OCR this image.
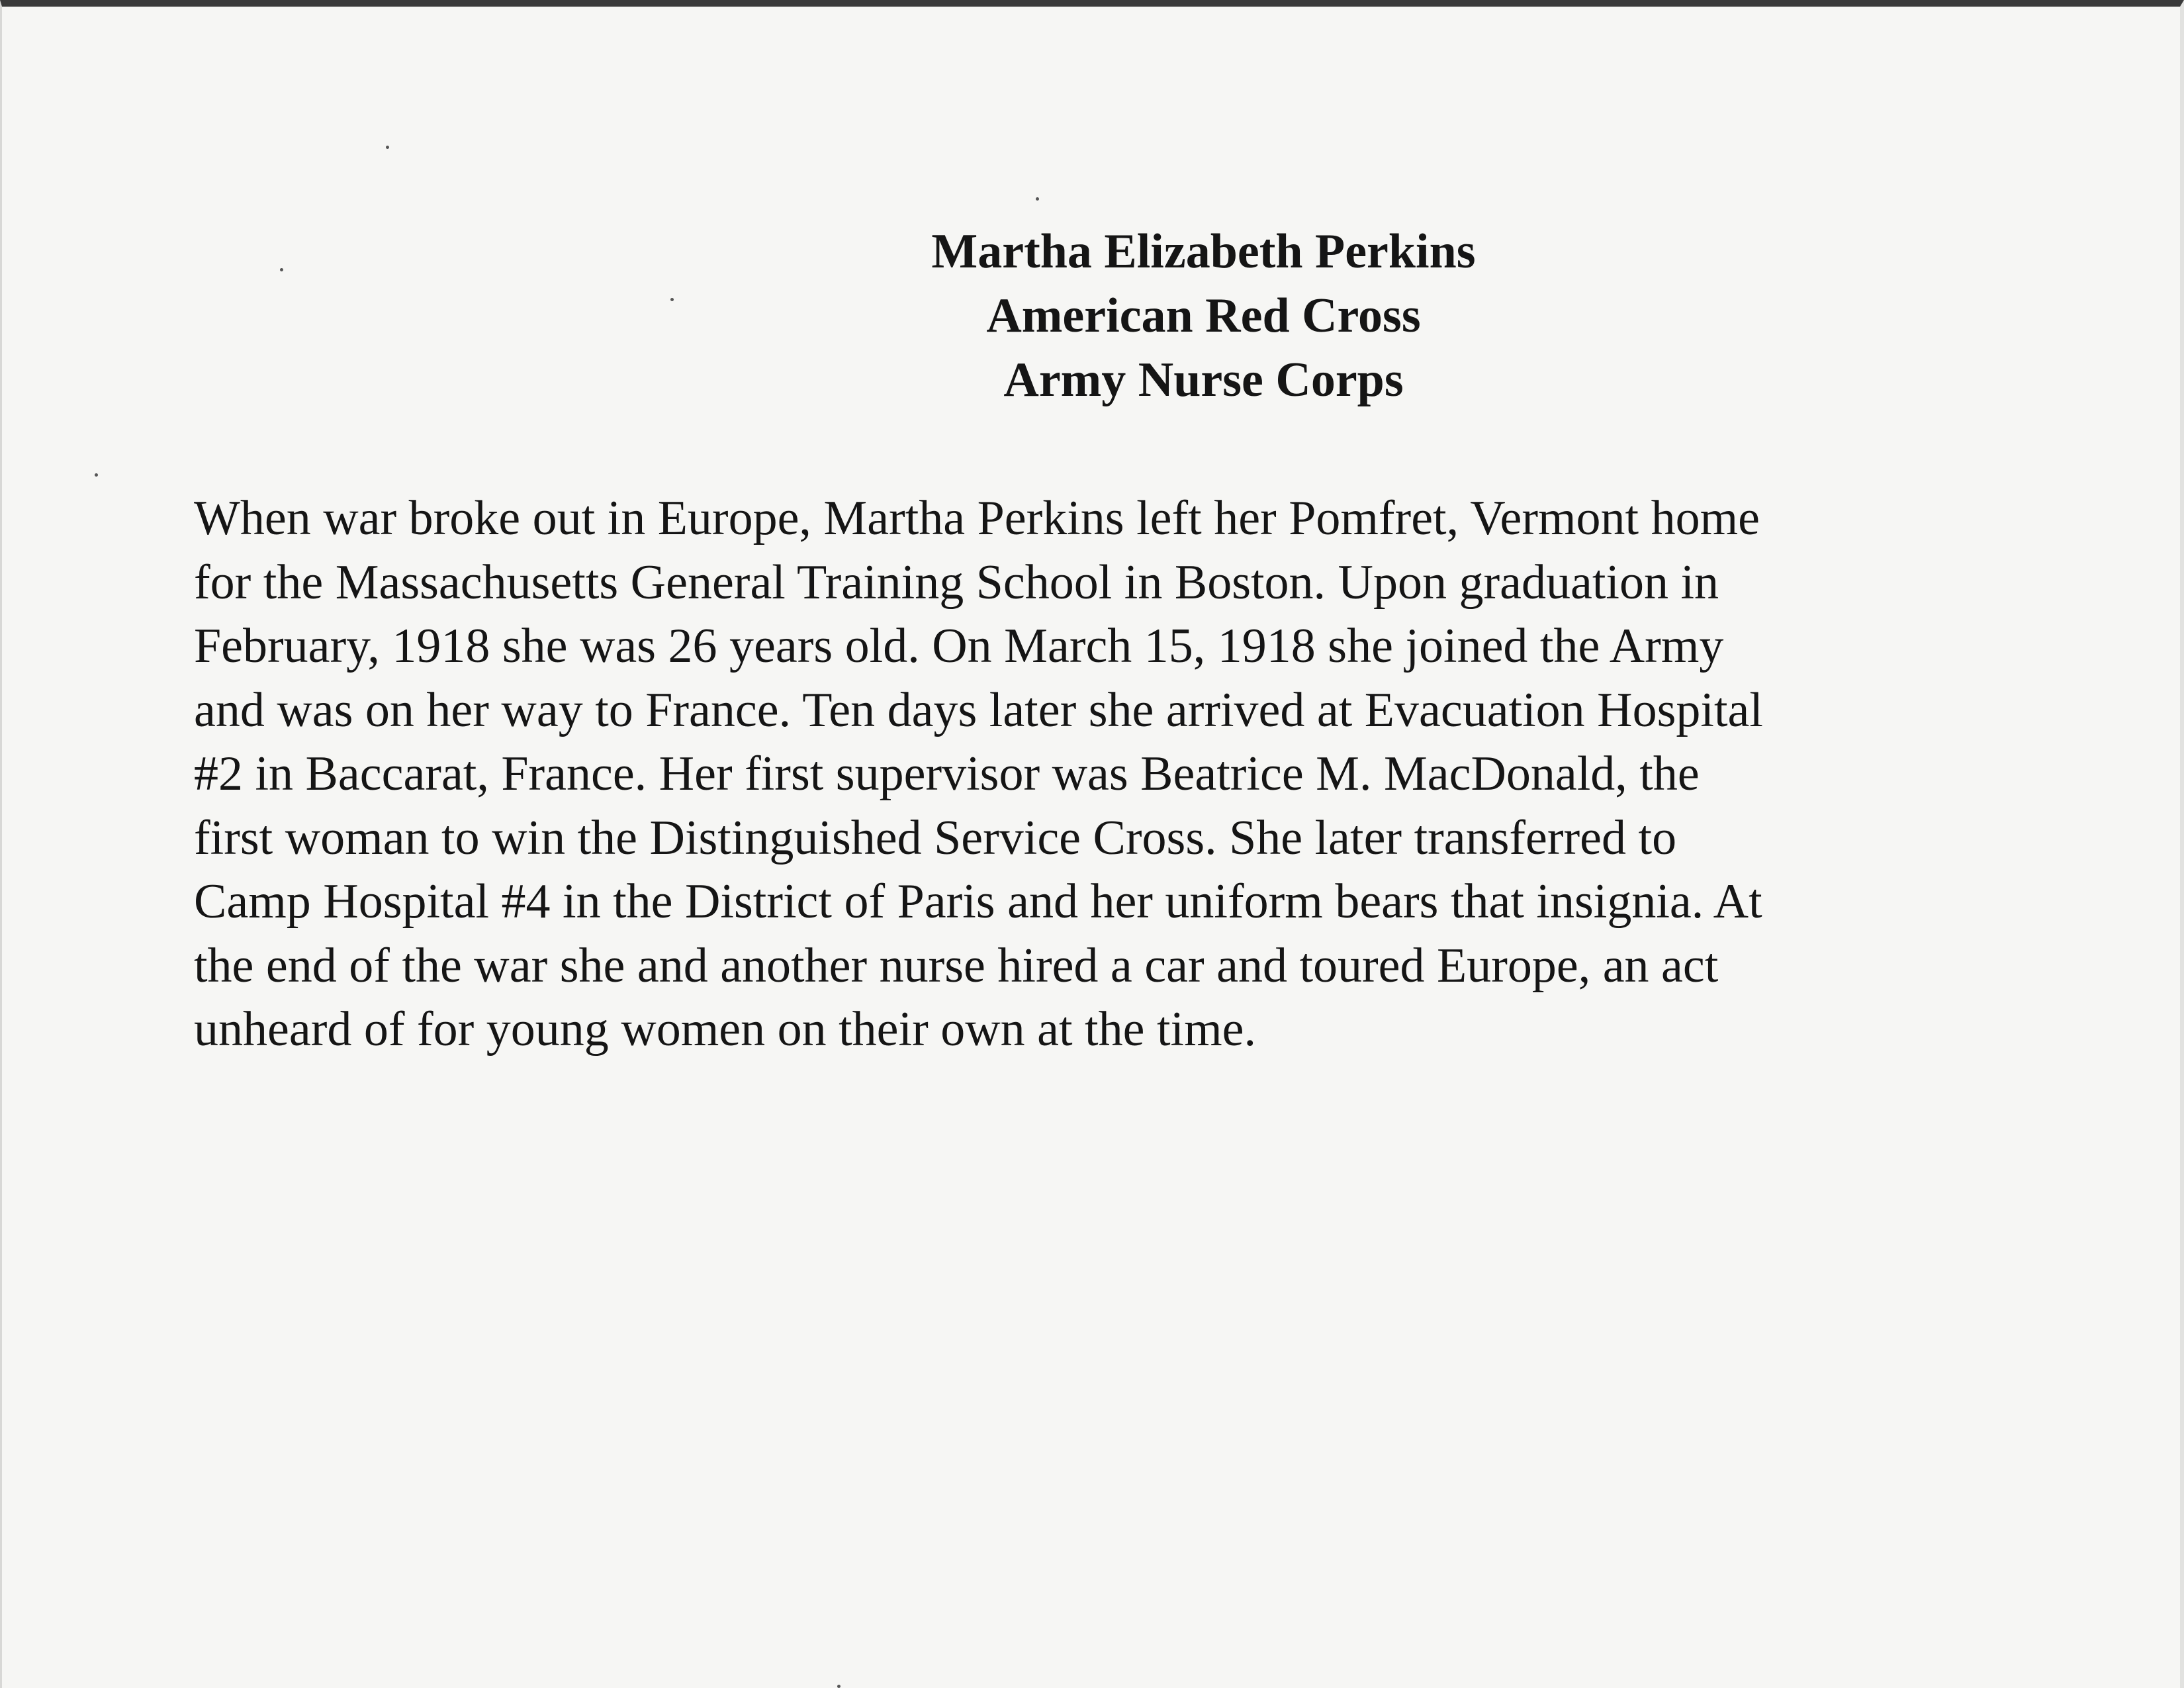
Martha Elizabeth Perkins
American Red Cross
Army Nurse Corps
When war broke out in Europe, Martha Perkins left her Pomfret, Vermont home
for the Massachusetts General Training School in Boston. Upon graduation in
February, 1918 she was 26 years old. On March 15, 1918 she joined the Army
and was on her way to France. Ten days later she arrived at Evacuation Hospital
#2 in Baccarat, France. Her first supervisor was Beatrice M. MacDonald, the
first woman to win the Distinguished Service Cross. She later transferred to
Camp Hospital #4 in the District of Paris and her uniform bears that insignia. At
the end of the war she and another nurse hired a car and toured Europe, an act
unheard of for young women on their own at the time.
